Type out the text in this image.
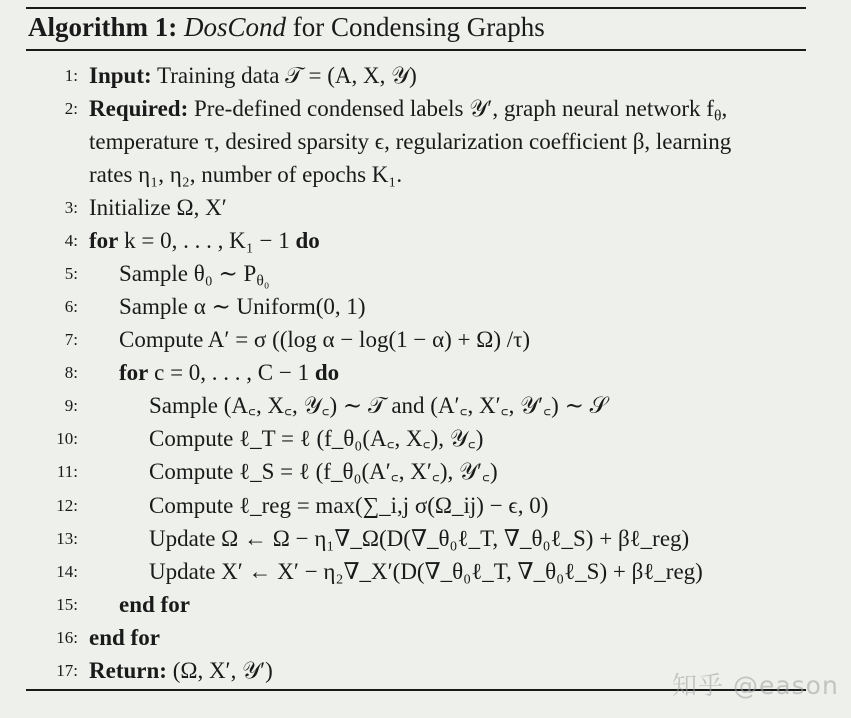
Algorithm 1: DosCond for Condensing Graphs
1: Input: Training data 𝒯 = (A, X, 𝒴)
2: Required: Pre-defined condensed labels 𝒴′, graph neural network $f_\theta$,
temperature τ, desired sparsity ϵ, regularization coefficient β, learning
rates η₁, η₂, number of epochs K₁.
3: Initialize Ω, X′
4: for k = 0, . . . , K₁ − 1 do
5: Sample θ₀ ∼ $P_{\theta_0}$
6: Sample α ∼ Uniform(0, 1)
7: Compute A′ = σ ((log α − log(1 − α) + Ω) /τ)
8: for c = 0, . . . , C − 1 do
9:	Sample (A꜀, X꜀, 𝒴꜀) ∼ 𝒯 and (A′꜀, X′꜀, 𝒴′꜀) ∼ 𝒮
10:	Compute ℓ_T = ℓ (f_θ₀(A꜀, X꜀), 𝒴꜀)
11:	Compute ℓ_S = ℓ (f_θ₀(A′꜀, X′꜀), 𝒴′꜀)
12:	Compute ℓ_reg = max(∑_i,j σ(Ω_ij) − ϵ, 0)
13:	Update Ω ← Ω − η₁∇_Ω(D(∇_θ₀ℓ_T, ∇_θ₀ℓ_S) + βℓ_reg)
14:	Update X′ ← X′ − η₂∇_X′(D(∇_θ₀ℓ_T, ∇_θ₀ℓ_S) + βℓ_reg)
15: end for
16: end for
17: Return: (Ω, X′, 𝒴′)
知乎 @eason
